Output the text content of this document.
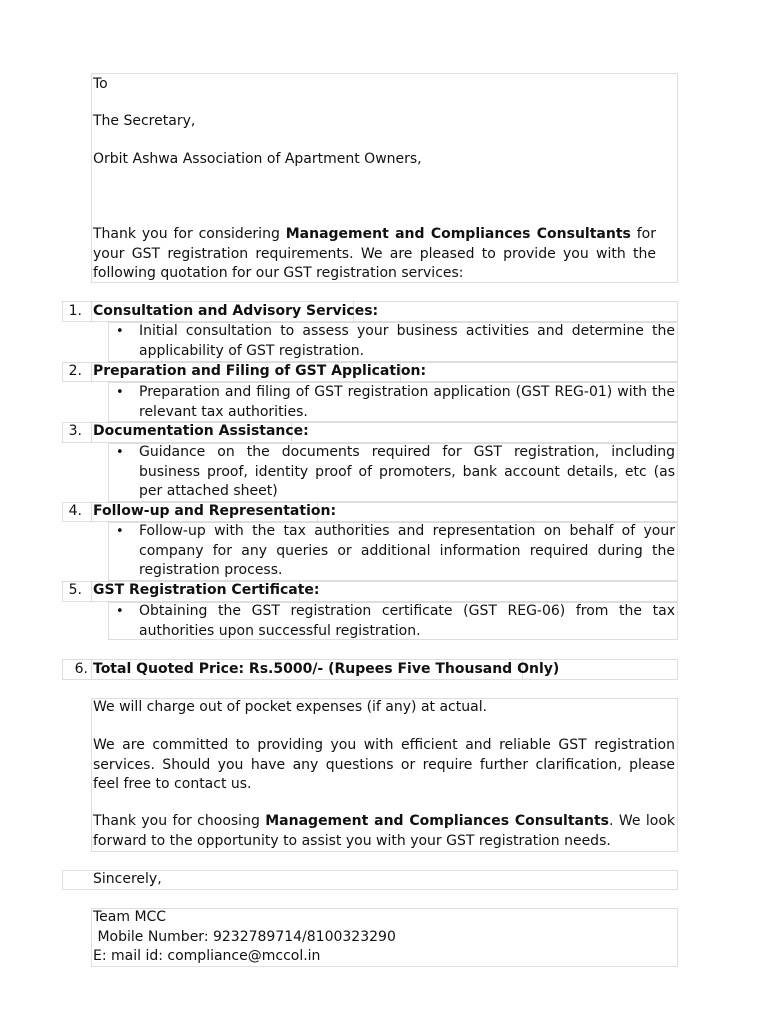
To
The Secretary,
Orbit Ashwa Association of Apartment Owners,
Thank you for considering Management and Compliances Consultants for your GST registration requirements. We are pleased to provide you with the following quotation for our GST registration services:
1. Consultation and Advisory Services:
• Initial consultation to assess your business activities and determine the applicability of GST registration.
2. Preparation and Filing of GST Application:
• Preparation and filing of GST registration application (GST REG-01) with the relevant tax authorities.
3. Documentation Assistance:
• Guidance on the documents required for GST registration, including business proof, identity proof of promoters, bank account details, etc (as per attached sheet)
4. Follow-up and Representation:
• Follow-up with the tax authorities and representation on behalf of your company for any queries or additional information required during the registration process.
5. GST Registration Certificate:
• Obtaining the GST registration certificate (GST REG-06) from the tax authorities upon successful registration.
6. Total Quoted Price: Rs.5000/- (Rupees Five Thousand Only)
We will charge out of pocket expenses (if any) at actual.
We are committed to providing you with efficient and reliable GST registration services. Should you have any questions or require further clarification, please feel free to contact us.
Thank you for choosing Management and Compliances Consultants. We look forward to the opportunity to assist you with your GST registration needs.
Sincerely,
Team MCC
Mobile Number: 9232789714/8100323290
E: mail id: compliance@mccol.in
